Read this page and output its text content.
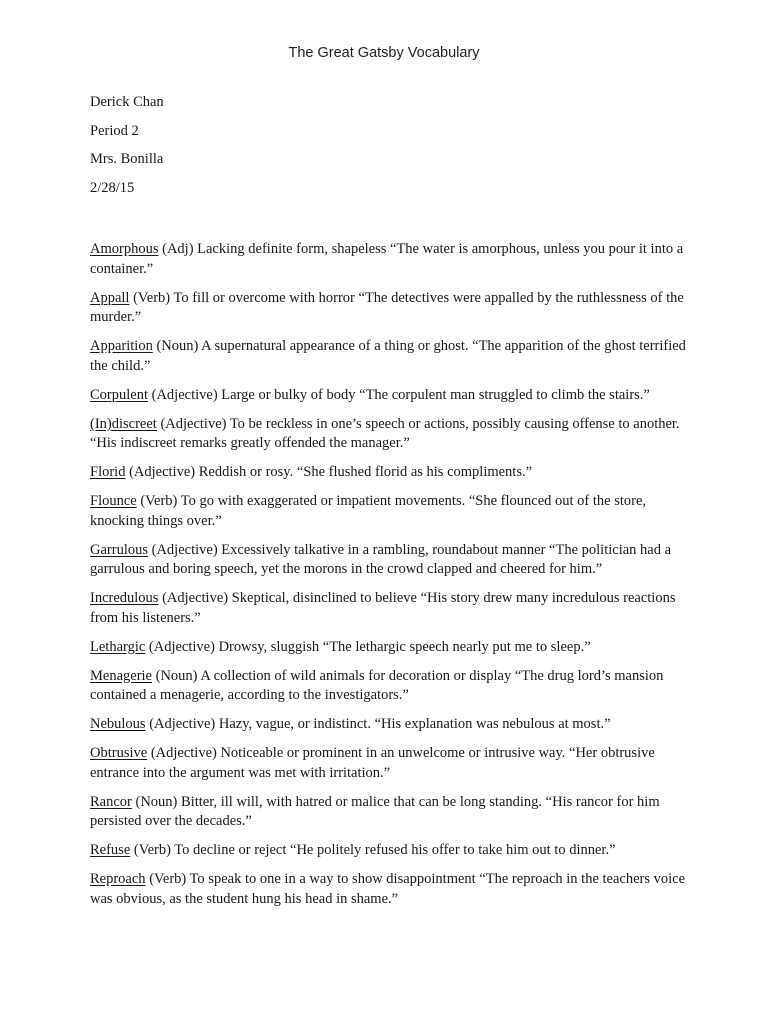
The Great Gatsby Vocabulary
Derick Chan
Period 2
Mrs. Bonilla
2/28/15

Amorphous (Adj) Lacking definite form, shapeless “The water is amorphous, unless you pour it into a container.”

Appall (Verb) To fill or overcome with horror “The detectives were appalled by the ruthlessness of the murder.”

Apparition (Noun) A supernatural appearance of a thing or ghost. “The apparition of the ghost terrified the child.”

Corpulent (Adjective) Large or bulky of body “The corpulent man struggled to climb the stairs.”

(In)discreet (Adjective) To be reckless in one’s speech or actions, possibly causing offense to another. “His indiscreet remarks greatly offended the manager.”

Florid (Adjective) Reddish or rosy. “She flushed florid as his compliments.”

Flounce (Verb) To go with exaggerated or impatient movements. “She flounced out of the store, knocking things over.”

Garrulous (Adjective) Excessively talkative in a rambling, roundabout manner “The politician had a garrulous and boring speech, yet the morons in the crowd clapped and cheered for him.”

Incredulous (Adjective) Skeptical, disinclined to believe “His story drew many incredulous reactions from his listeners.”

Lethargic (Adjective) Drowsy, sluggish “The lethargic speech nearly put me to sleep.”

Menagerie (Noun) A collection of wild animals for decoration or display “The drug lord’s mansion contained a menagerie, according to the investigators.”

Nebulous (Adjective) Hazy, vague, or indistinct. “His explanation was nebulous at most.”

Obtrusive (Adjective) Noticeable or prominent in an unwelcome or intrusive way. “Her obtrusive entrance into the argument was met with irritation.”

Rancor (Noun) Bitter, ill will, with hatred or malice that can be long standing. “His rancor for him persisted over the decades.”

Refuse (Verb) To decline or reject “He politely refused his offer to take him out to dinner.”

Reproach (Verb) To speak to one in a way to show disappointment “The reproach in the teachers voice was obvious, as the student hung his head in shame.”
